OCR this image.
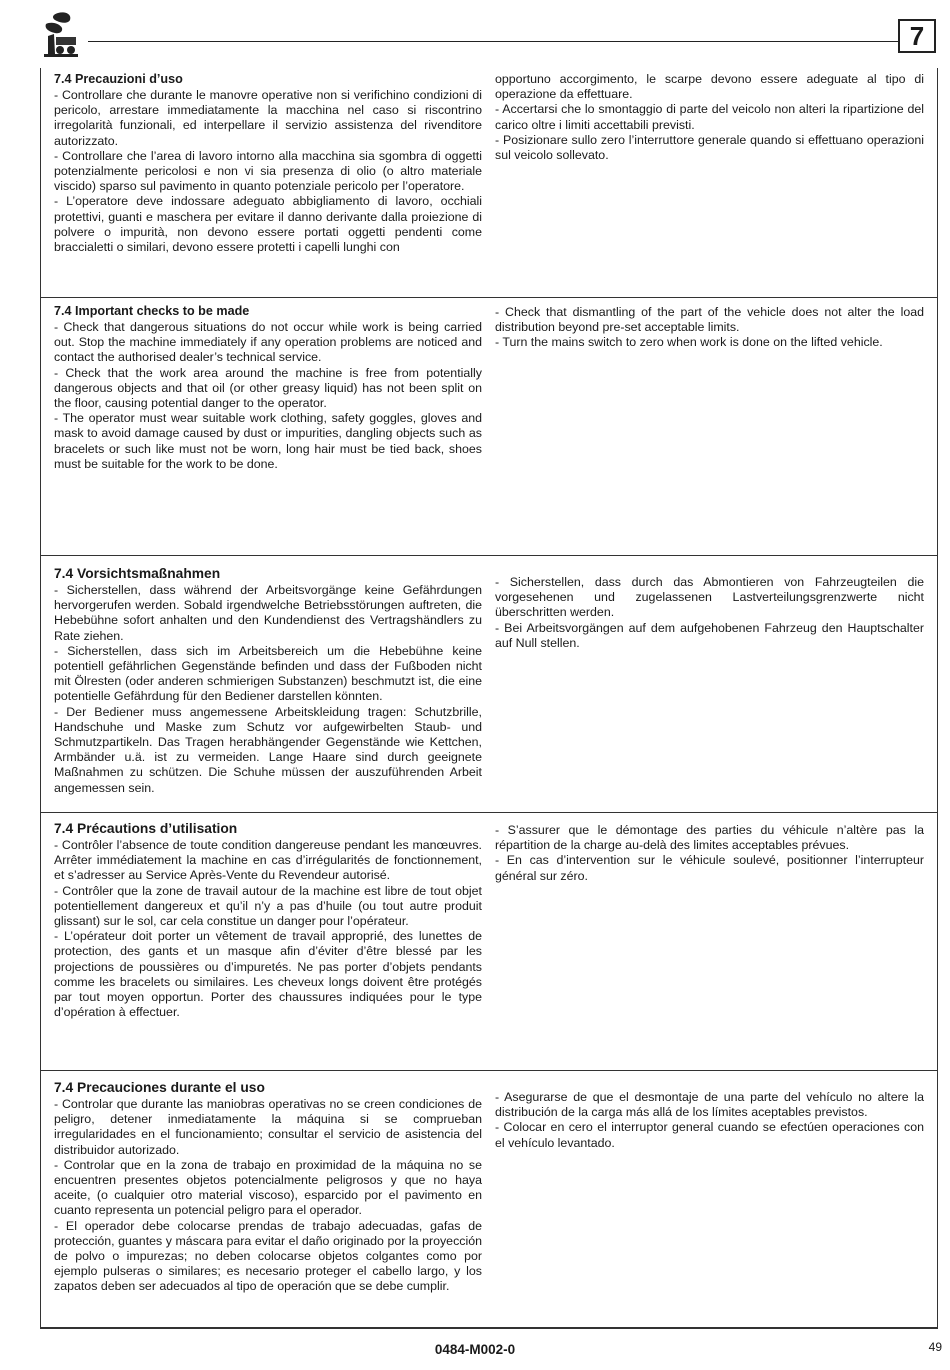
7
7.4 Precauzioni d’uso

- Controllare che durante le manovre operative non si verifichino condizioni di pericolo, arrestare immediatamente la macchina nel caso si riscontrino irregolarità funzionali, ed interpellare il servizio assistenza del rivenditore autorizzato.

- Controllare che l’area di lavoro intorno alla macchina sia sgombra di oggetti potenzialmente pericolosi e non vi sia presenza di olio (o altro materiale viscido) sparso sul pavimento in quanto potenziale pericolo per l’operatore.

- L’operatore deve indossare adeguato abbigliamento di lavoro, occhiali protettivi, guanti e maschera per evitare il danno derivante dalla proiezione di polvere o impurità, non devono essere portati oggetti pendenti come braccialetti o similari, devono essere protetti i capelli lunghi con

opportuno accorgimento, le scarpe devono essere adeguate al tipo di operazione da effettuare.

- Accertarsi che lo smontaggio di parte del veicolo non alteri la ripartizione del carico oltre i limiti accettabili previsti.

- Posizionare sullo zero l’interruttore generale quando si effettuano operazioni sul veicolo sollevato.

7.4 Important checks to be made

- Check that dangerous situations do not occur while work is being carried out. Stop the machine immediately if any operation problems are noticed and contact the authorised dealer’s technical service.

- Check that the work area around the machine is free from potentially dangerous objects and that oil (or other greasy liquid) has not been split on the floor, causing potential danger to the operator.

- The operator must wear suitable work clothing, safety goggles, gloves and mask to avoid damage caused by dust or impurities, dangling objects such as bracelets or such like must not be worn, long hair must be tied back, shoes must be suitable for the work to be done.

- Check that dismantling of the part of the vehicle does not alter the load distribution beyond pre-set acceptable limits.

- Turn the mains switch to zero when work is done on the lifted vehicle.

7.4 Vorsichtsmaßnahmen

- Sicherstellen, dass während der Arbeitsvorgänge keine Gefährdungen hervorgerufen werden. Sobald irgendwelche Betriebsstörungen auftreten, die Hebebühne sofort anhalten und den Kundendienst des Vertragshändlers zu Rate ziehen.

- Sicherstellen, dass sich im Arbeitsbereich um die Hebebühne keine potentiell gefährlichen Gegenstände befinden und dass der Fußboden nicht mit Ölresten (oder anderen schmierigen Substanzen) beschmutzt ist, die eine potentielle Gefährdung für den Bediener darstellen könnten.

- Der Bediener muss angemessene Arbeitskleidung tragen: Schutzbrille, Handschuhe und Maske zum Schutz vor aufgewirbelten Staub- und Schmutzpartikeln. Das Tragen herabhängender Gegenstände wie Kettchen, Armbänder u.ä. ist zu vermeiden. Lange Haare sind durch geeignete Maßnahmen zu schützen. Die Schuhe müssen der auszuführenden Arbeit angemessen sein.

- Sicherstellen, dass durch das Abmontieren von Fahrzeugteilen die vorgesehenen und zugelassenen Lastverteilungsgrenzwerte nicht überschritten werden.

- Bei Arbeitsvorgängen auf dem aufgehobenen Fahrzeug den Hauptschalter auf Null stellen.

7.4 Précautions d’utilisation

- Contrôler l’absence de toute condition dangereuse pendant les manœuvres. Arrêter immédiatement la machine en cas d’irrégularités de fonctionnement, et s’adresser au Service Après-Vente du Revendeur autorisé.

- Contrôler que la zone de travail autour de la machine est libre de tout objet potentiellement dangereux et qu’il n’y a pas d’huile (ou tout autre produit glissant) sur le sol, car cela constitue un danger pour l’opérateur.

- L’opérateur doit porter un vêtement de travail approprié, des lunettes de protection, des gants et un masque afin d’éviter d’être blessé par les projections de poussières ou d’impuretés. Ne pas porter d’objets pendants comme les bracelets ou similaires. Les cheveux longs doivent être protégés par tout moyen opportun. Porter des chaussures indiquées pour le type d’opération à effectuer.

- S’assurer que le démontage des parties du véhicule n’altère pas la répartition de la charge au-delà des limites acceptables prévues.

- En cas d’intervention sur le véhicule soulevé, positionner l’interrupteur général sur zéro.

7.4 Precauciones durante el uso

- Controlar que durante las maniobras operativas no se creen condiciones de peligro, detener inmediatamente la máquina si se comprueban irregularidades en el funcionamiento; consultar el servicio de asistencia del distribuidor autorizado.

- Controlar que en la zona de trabajo en proximidad de la máquina no se encuentren presentes objetos potencialmente peligrosos y que no haya aceite, (o cualquier otro material viscoso), esparcido por el pavimento en cuanto representa un potencial peligro para el operador.

- El operador debe colocarse prendas de trabajo adecuadas, gafas de protección, guantes y máscara para evitar el daño originado por la proyección de polvo o impurezas; no deben colocarse objetos colgantes como por ejemplo pulseras o similares; es necesario proteger el cabello largo, y los zapatos deben ser adecuados al tipo de operación que se debe cumplir.

- Asegurarse de que el desmontaje de una parte del vehículo no altere la distribución de la carga más allá de los límites aceptables previstos.

- Colocar en cero el interruptor general cuando se efectúen operaciones con el vehículo levantado.

0484-M002-0	49
